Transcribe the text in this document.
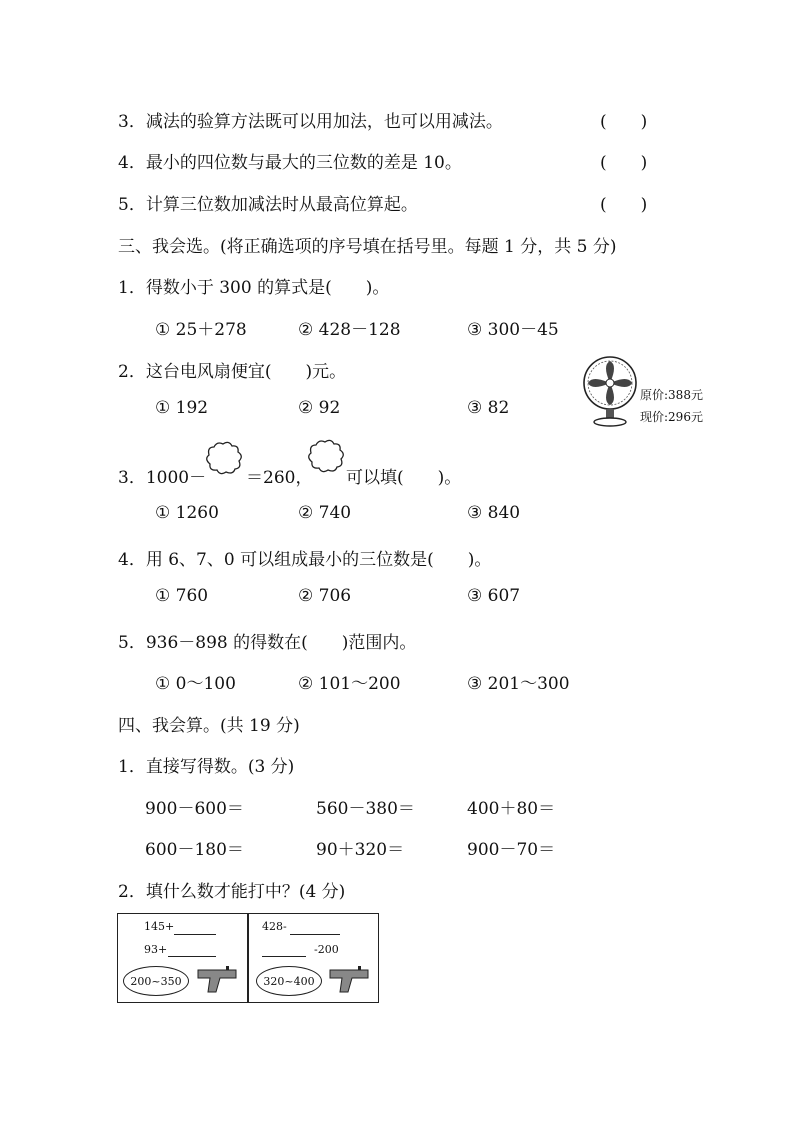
3．减法的验算方法既可以用加法，也可以用减法。	(　　)
4．最小的四位数与最大的三位数的差是 10。	(　　)
5．计算三位数加减法时从最高位算起。	(　　)
三、我会选。(将正确选项的序号填在括号里。每题 1 分，共 5 分)
1．得数小于 300 的算式是(　　)。
① 25＋278	② 428－128	③ 300－45
2．这台电风扇便宜(　　)元。
① 192	② 92	③ 82
原价:388元
现价:296元
3．1000－ ＝260， 可以填(　　)。
① 1260	② 740	③ 840
4．用 6、7、0 可以组成最小的三位数是(　　)。
① 760	② 706	③ 607
5．936－898 的得数在(　　)范围内。
① 0～100	② 101～200	③ 201～300
四、我会算。(共 19 分)
1．直接写得数。(3 分)
900－600＝	560－380＝	400＋80＝
600－180＝	90＋320＝	900－70＝
2．填什么数才能打中？(4 分)
145+
93+
200~350
428-
-200
320~400
